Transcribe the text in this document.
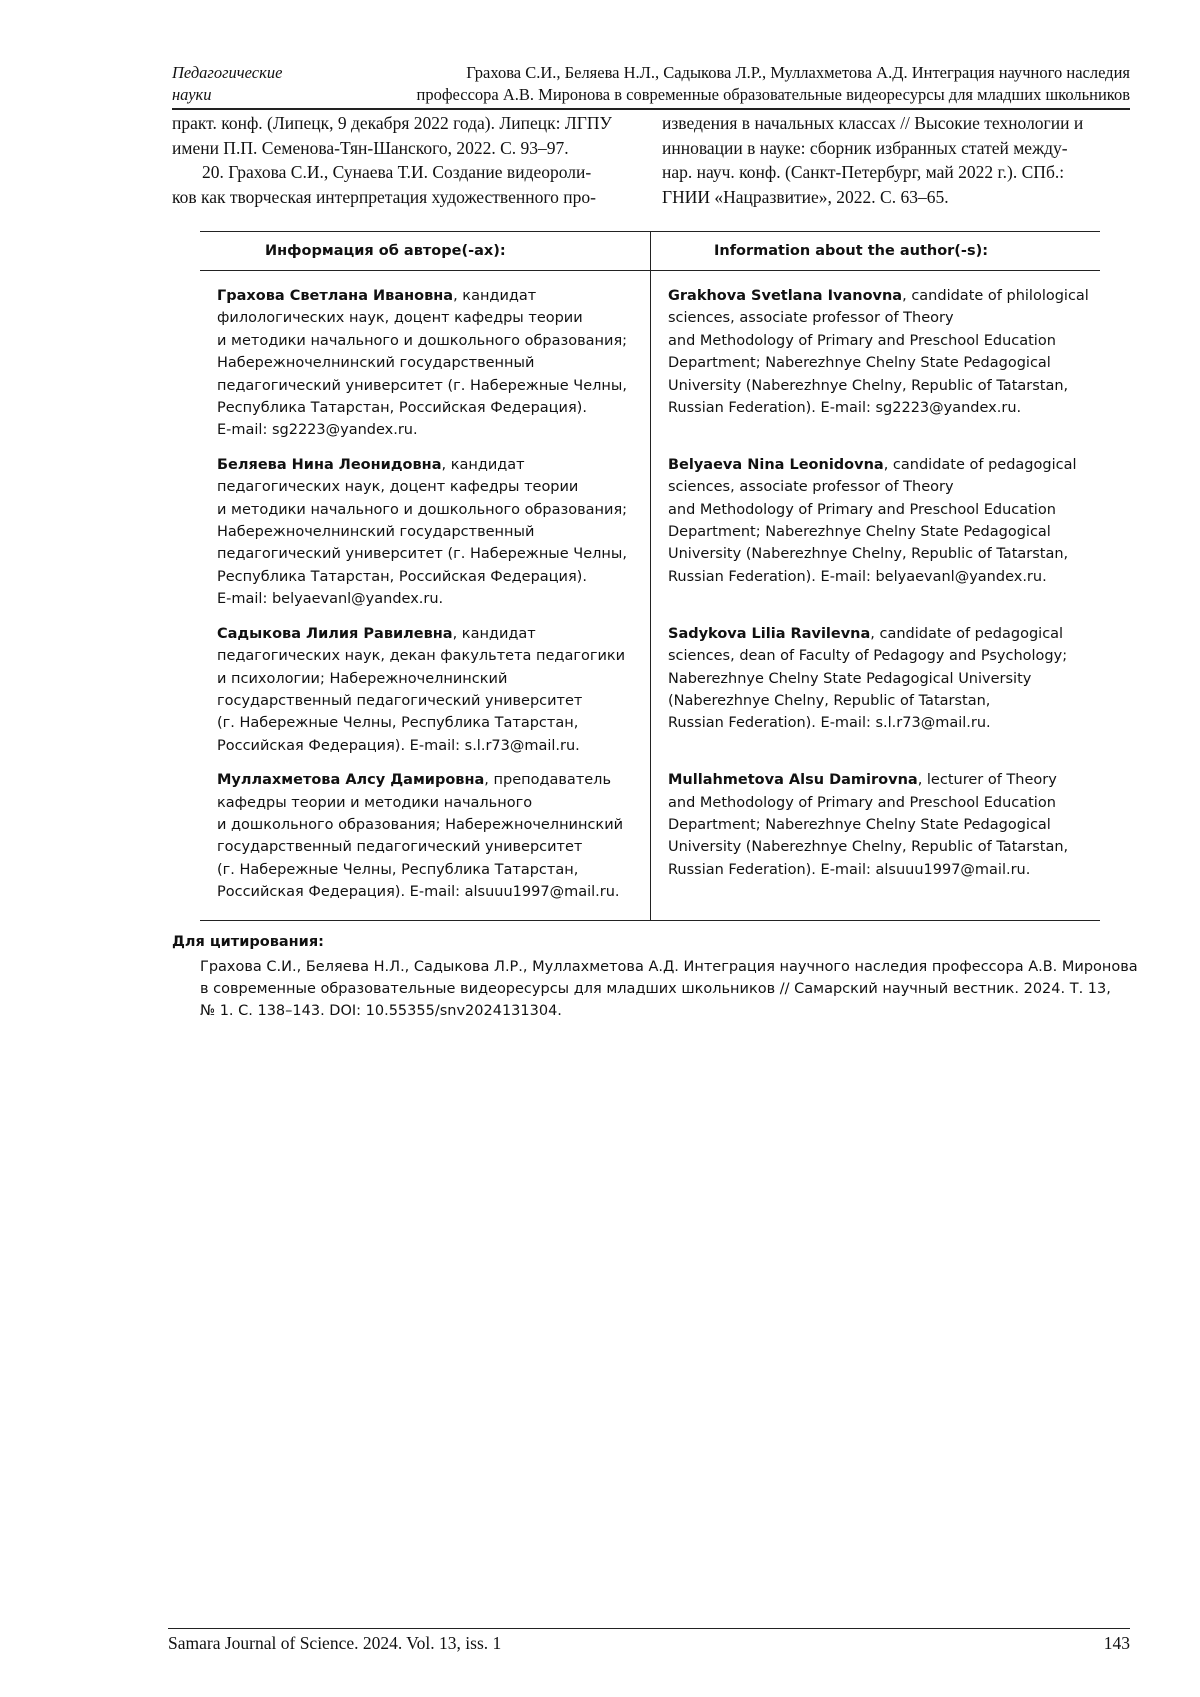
Педагогические науки
Грахова С.И., Беляева Н.Л., Садыкова Л.Р., Муллахметова А.Д. Интеграция научного наследия
профессора А.В. Миронова в современные образовательные видеоресурсы для младших школьников

практ. конф. (Липецк, 9 декабря 2022 года). Липецк: ЛГПУ
имени П.П. Семенова-Тян-Шанского, 2022. С. 93–97.

20. Грахова С.И., Сунаева Т.И. Создание видеороли-

ков как творческая интерпретация художественного про-

изведения в начальных классах // Высокие технологии и
инновации в науке: сборник избранных статей между-
нар. науч. конф. (Санкт-Петербург, май 2022 г.). СПб.:
ГНИИ «Нацразвитие», 2022. С. 63–65.

Информация об авторе(-ах):	Information about the author(-s):

Грахова Светлана Ивановна, кандидат
филологических наук, доцент кафедры теории
и методики начального и дошкольного образования;
Набережночелнинский государственный
педагогический университет (г. Набережные Челны,
Республика Татарстан, Российская Федерация).
E-mail: sg2223@yandex.ru.

Grakhova Svetlana Ivanovna, candidate of philological
sciences, associate professor of Theory
and Methodology of Primary and Preschool Education
Department; Naberezhnye Chelny State Pedagogical
University (Naberezhnye Chelny, Republic of Tatarstan,
Russian Federation). E-mail: sg2223@yandex.ru.

Беляева Нина Леонидовна, кандидат
педагогических наук, доцент кафедры теории
и методики начального и дошкольного образования;
Набережночелнинский государственный
педагогический университет (г. Набережные Челны,
Республика Татарстан, Российская Федерация).
E-mail: belyaevanl@yandex.ru.

Belyaeva Nina Leonidovna, candidate of pedagogical
sciences, associate professor of Theory
and Methodology of Primary and Preschool Education
Department; Naberezhnye Chelny State Pedagogical
University (Naberezhnye Chelny, Republic of Tatarstan,
Russian Federation). E-mail: belyaevanl@yandex.ru.

Садыкова Лилия Равилевна, кандидат
педагогических наук, декан факультета педагогики
и психологии; Набережночелнинский
государственный педагогический университет
(г. Набережные Челны, Республика Татарстан,
Российская Федерация). E-mail: s.l.r73@mail.ru.

Sadykova Lilia Ravilevna, candidate of pedagogical
sciences, dean of Faculty of Pedagogy and Psychology;
Naberezhnye Chelny State Pedagogical University
(Naberezhnye Chelny, Republic of Tatarstan,
Russian Federation). E-mail: s.l.r73@mail.ru.

Муллахметова Алсу Дамировна, преподаватель
кафедры теории и методики начального
и дошкольного образования; Набережночелнинский
государственный педагогический университет
(г. Набережные Челны, Республика Татарстан,
Российская Федерация). E-mail: alsuuu1997@mail.ru.

Mullahmetova Alsu Damirovna, lecturer of Theory
and Methodology of Primary and Preschool Education
Department; Naberezhnye Chelny State Pedagogical
University (Naberezhnye Chelny, Republic of Tatarstan,
Russian Federation). E-mail: alsuuu1997@mail.ru.
Для цитирования:
Грахова С.И., Беляева Н.Л., Садыкова Л.Р., Муллахметова А.Д. Интеграция научного наследия профессора А.В. Миронова
в современные образовательные видеоресурсы для младших школьников // Самарский научный вестник. 2024. Т. 13,
№ 1. С. 138–143. DOI: 10.55355/snv2024131304.
Samara Journal of Science. 2024. Vol. 13, iss. 1	143
